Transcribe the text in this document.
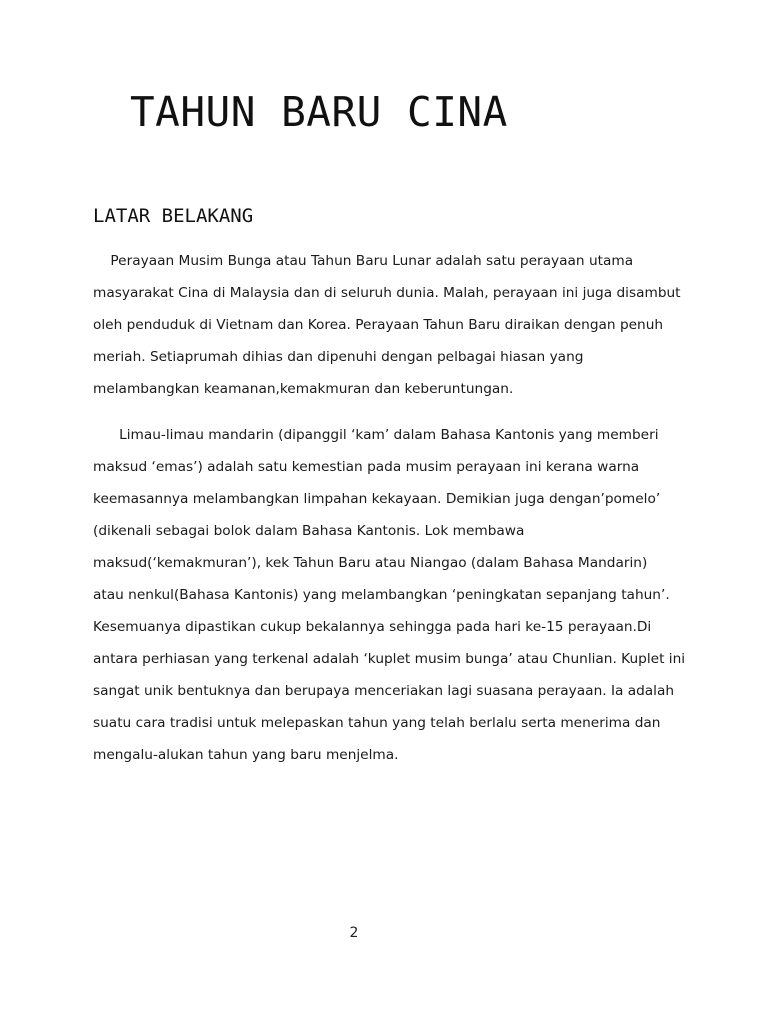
TAHUN BARU CINA
LATAR BELAKANG
Perayaan Musim Bunga atau Tahun Baru Lunar adalah satu perayaan utama
masyarakat Cina di Malaysia dan di seluruh dunia. Malah, perayaan ini juga disambut
oleh penduduk di Vietnam dan Korea. Perayaan Tahun Baru diraikan dengan penuh
meriah. Setiaprumah dihias dan dipenuhi dengan pelbagai hiasan yang
melambangkan keamanan,kemakmuran dan keberuntungan.
Limau-limau mandarin (dipanggil ‘kam’ dalam Bahasa Kantonis yang memberi
maksud ‘emas’) adalah satu kemestian pada musim perayaan ini kerana warna
keemasannya melambangkan limpahan kekayaan. Demikian juga dengan’pomelo’
(dikenali sebagai bolok dalam Bahasa Kantonis. Lok membawa
maksud(‘kemakmuran’), kek Tahun Baru atau Niangao (dalam Bahasa Mandarin)
atau nenkul(Bahasa Kantonis) yang melambangkan ‘peningkatan sepanjang tahun’.
Kesemuanya dipastikan cukup bekalannya sehingga pada hari ke-15 perayaan.Di
antara perhiasan yang terkenal adalah ‘kuplet musim bunga’ atau Chunlian. Kuplet ini
sangat unik bentuknya dan berupaya menceriakan lagi suasana perayaan. Ia adalah
suatu cara tradisi untuk melepaskan tahun yang telah berlalu serta menerima dan
mengalu-alukan tahun yang baru menjelma.
2
